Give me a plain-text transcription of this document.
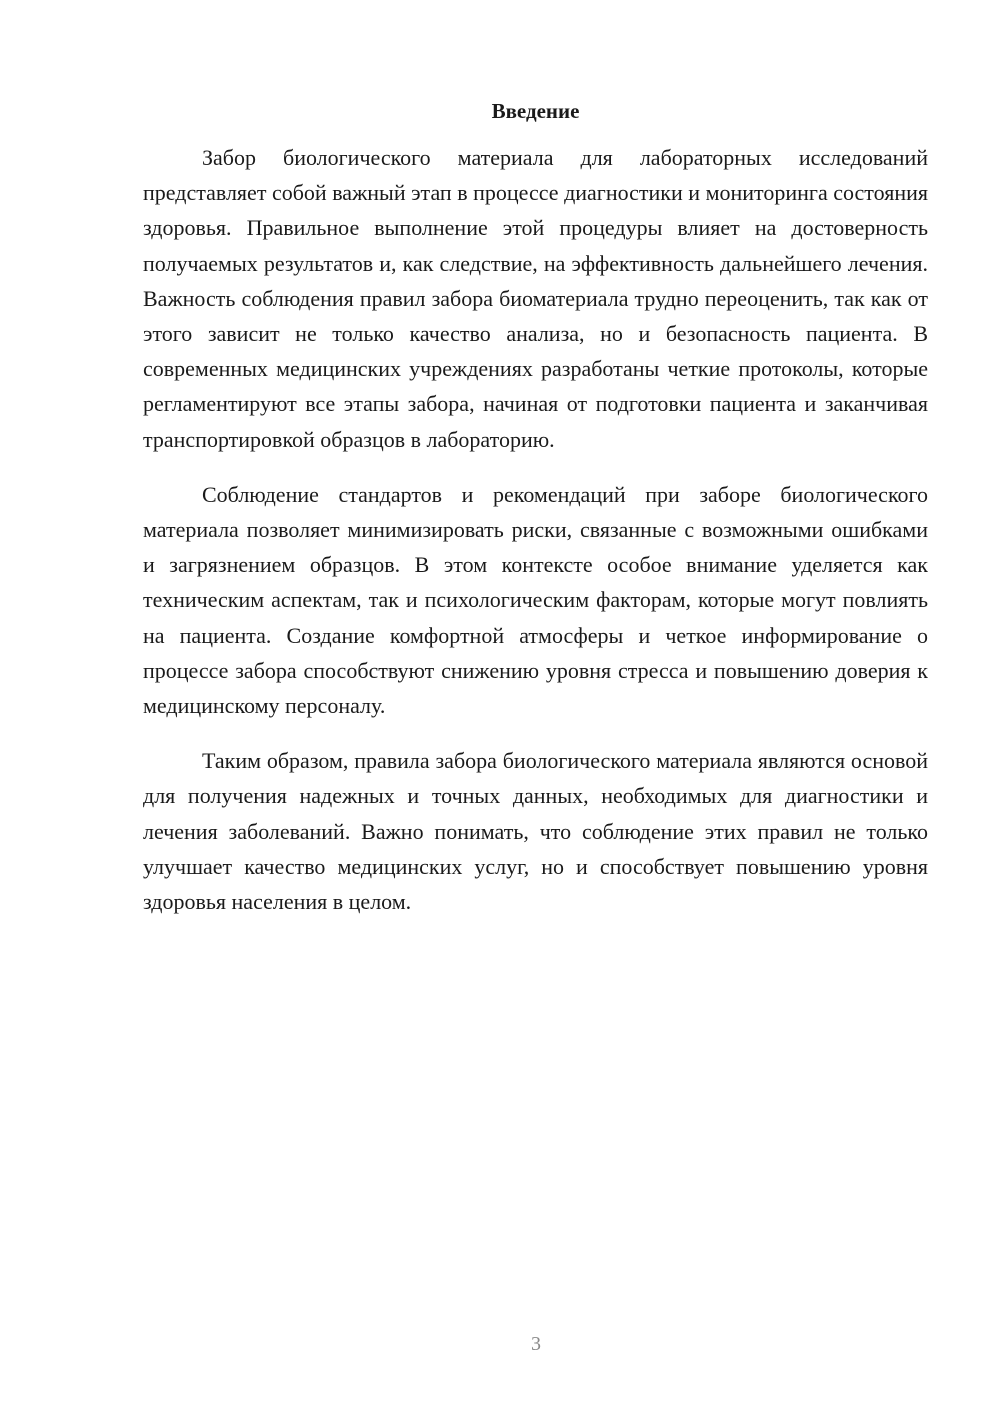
Введение

Забор биологического материала для лабораторных исследований представляет собой важный этап в процессе диагностики и мониторинга состояния здоровья. Правильное выполнение этой процедуры влияет на достоверность получаемых результатов и, как следствие, на эффективность дальнейшего лечения. Важность соблюдения правил забора биоматериала трудно переоценить, так как от этого зависит не только качество анализа, но и безопасность пациента. В современных медицинских учреждениях разработаны четкие протоколы, которые регламентируют все этапы забора, начиная от подготовки пациента и заканчивая транспортировкой образцов в лабораторию.

Соблюдение стандартов и рекомендаций при заборе биологического материала позволяет минимизировать риски, связанные с возможными ошибками и загрязнением образцов. В этом контексте особое внимание уделяется как техническим аспектам, так и психологическим факторам, которые могут повлиять на пациента. Создание комфортной атмосферы и четкое информирование о процессе забора способствуют снижению уровня стресса и повышению доверия к медицинскому персоналу.

Таким образом, правила забора биологического материала являются основой для получения надежных и точных данных, необходимых для диагностики и лечения заболеваний. Важно понимать, что соблюдение этих правил не только улучшает качество медицинских услуг, но и способствует повышению уровня здоровья населения в целом.

3
